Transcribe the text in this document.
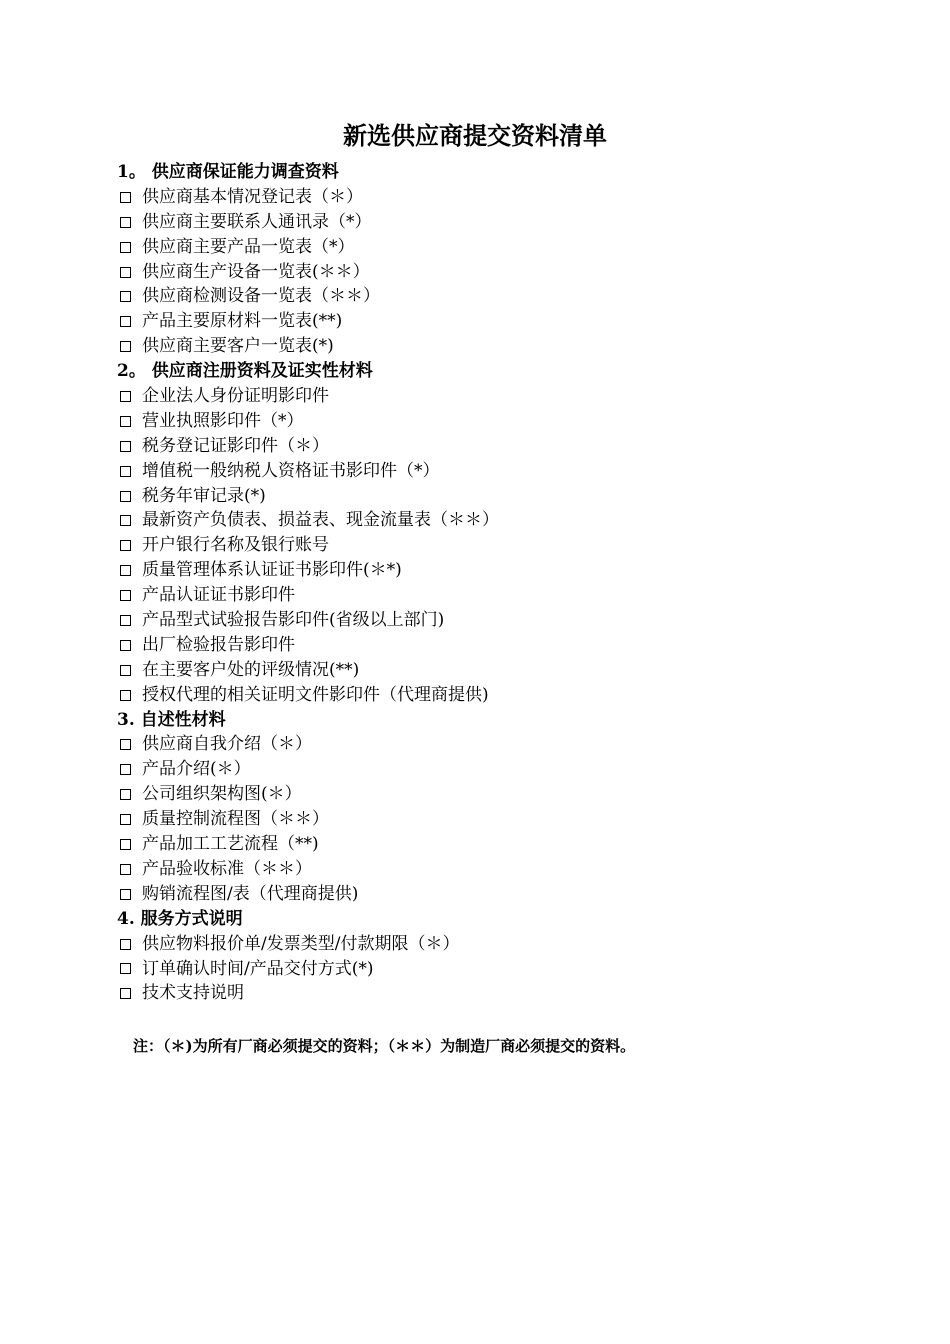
新选供应商提交资料清单
1。 供应商保证能力调查资料
供应商基本情况登记表（＊）
供应商主要联系人通讯录（*）
供应商主要产品一览表（*）
供应商生产设备一览表(＊＊）
供应商检测设备一览表（＊＊）
产品主要原材料一览表(**)
供应商主要客户一览表(*)
2。 供应商注册资料及证实性材料
企业法人身份证明影印件
营业执照影印件（*）
税务登记证影印件（＊）
增值税一般纳税人资格证书影印件（*）
税务年审记录(*)
最新资产负债表、损益表、现金流量表（＊＊）
开户银行名称及银行账号
质量管理体系认证证书影印件(＊*)
产品认证证书影印件
产品型式试验报告影印件(省级以上部门)
出厂检验报告影印件
在主要客户处的评级情况(**)
授权代理的相关证明文件影印件（代理商提供)
3. 自述性材料
供应商自我介绍（＊）
产品介绍(＊）
公司组织架构图(＊）
质量控制流程图（＊＊）
产品加工工艺流程（**)
产品验收标准（＊＊）
购销流程图/表（代理商提供)
4. 服务方式说明
供应物料报价单/发票类型/付款期限（＊）
订单确认时间/产品交付方式(*)
技术支持说明
注：（＊)为所有厂商必须提交的资料；（＊＊）为制造厂商必须提交的资料。
